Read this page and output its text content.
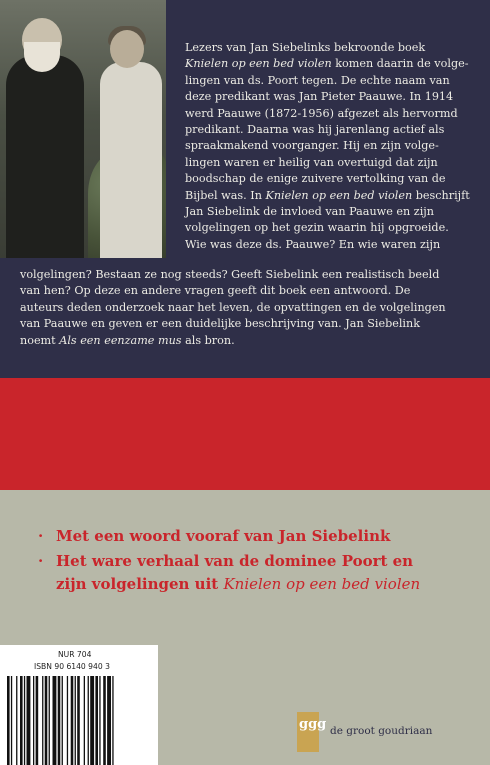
Lezers van Jan Siebelinks bekroonde boek
Knielen op een bed violen komen daarin de volge-
lingen van ds. Poort tegen. De echte naam van
deze predikant was Jan Pieter Paauwe. In 1914
werd Paauwe (1872-1956) afgezet als hervormd
predikant. Daarna was hij jarenlang actief als
spraakmakend voorganger. Hij en zijn volge-
lingen waren er heilig van overtuigd dat zijn
boodschap de enige zuivere vertolking van de
Bijbel was. In Knielen op een bed violen beschrijft
Jan Siebelink de invloed van Paauwe en zijn
volgelingen op het gezin waarin hij opgroeide.
Wie was deze ds. Paauwe? En wie waren zijn
volgelingen? Bestaan ze nog steeds? Geeft Siebelink een realistisch beeld
van hen? Op deze en andere vragen geeft dit boek een antwoord. De
auteurs deden onderzoek naar het leven, de opvattingen en de volgelingen
van Paauwe en geven er een duidelijke beschrijving van. Jan Siebelink
noemt Als een eenzame mus als bron.
· Met een woord vooraf van Jan Siebelink
· Het ware verhaal van de dominee Poort en
zijn volgelingen uit Knielen op een bed violen
NUR 704
ISBN 90 6140 940 3
ggg de groot goudriaan
